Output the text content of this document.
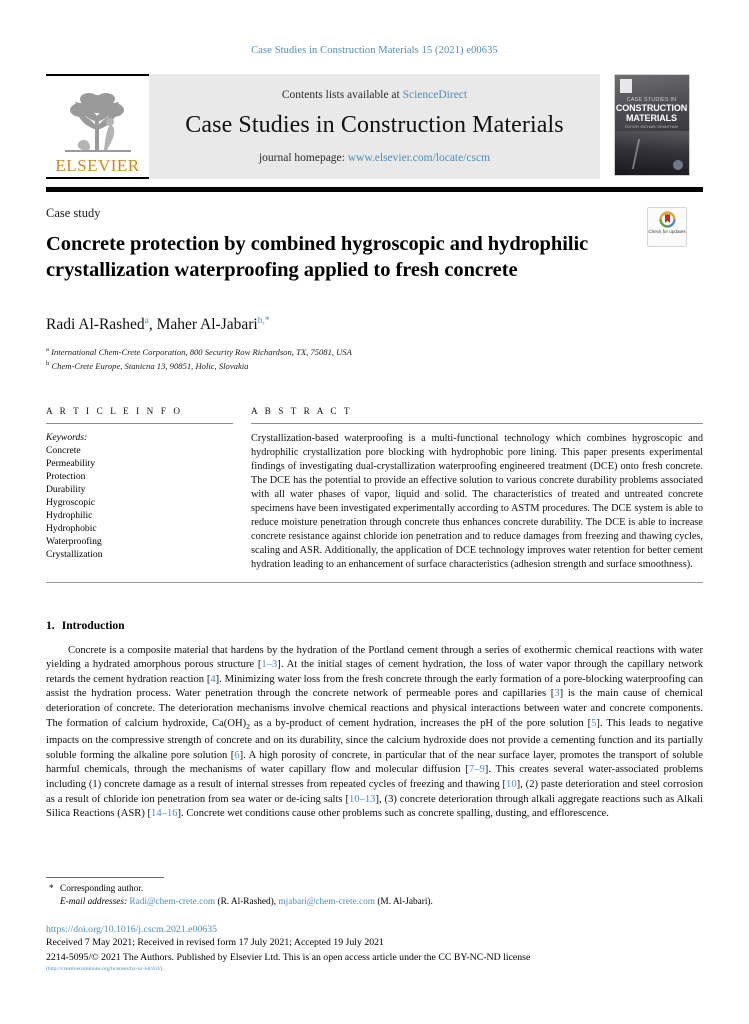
Case Studies in Construction Materials 15 (2021) e00635
ELSEVIER
Contents lists available at ScienceDirect
Case Studies in Construction Materials
journal homepage: www.elsevier.com/locate/cscm
CASE STUDIES IN
CONSTRUCTION MATERIALS
EDITOR: MICHAEL GRANTHAM
Case study
Concrete protection by combined hygroscopic and hydrophilic crystallization waterproofing applied to fresh concrete
Check for updates
Radi Al-Rashed$^a$, Maher Al-Jabari$^{b,*}$
$^a$ International Chem-Crete Corporation, 800 Security Row Richardson, TX, 75081, USA
$^b$ Chem-Crete Europe, Stanicna 13, 90851, Holic, Slovakia
A R T I C L E I N F O
Keywords:
Concrete
Permeability
Protection
Durability
Hygroscopic
Hydrophilic
Hydrophobic
Waterproofing
Crystallization
A B S T R A C T
Crystallization-based waterproofing is a multi-functional technology which combines hygroscopic and hydrophilic crystallization pore blocking with hydrophobic pore lining. This paper presents experimental findings of investigating dual-crystallization waterproofing engineered treatment (DCE) onto fresh concrete. The DCE has the potential to provide an effective solution to various concrete durability problems associated with all water phases of vapor, liquid and solid. The characteristics of treated and untreated concrete specimens have been investigated experimentally according to ASTM procedures. The DCE system is able to reduce moisture penetration through concrete thus enhances concrete durability. The DCE is able to increase concrete resistance against chloride ion penetration and to reduce damages from freezing and thawing cycles, scaling and ASR. Additionally, the application of DCE technology improves water retention for better cement hydration leading to an enhancement of surface characteristics (adhesion strength and surface smoothness).
1. Introduction

Concrete is a composite material that hardens by the hydration of the Portland cement through a series of exothermic chemical reactions with water yielding a hydrated amorphous porous structure [1–3]. At the initial stages of cement hydration, the loss of water vapor through the capillary network retards the cement hydration reaction [4]. Minimizing water loss from the fresh concrete through the early formation of a pore-blocking waterproofing can assist the hydration process. Water penetration through the concrete network of permeable pores and capillaries [3] is the main cause of chemical deterioration of concrete. The deterioration mechanisms involve chemical reactions and physical interactions between water and concrete components. The formation of calcium hydroxide, $Ca(OH)_2$ as a by-product of cement hydration, increases the pH of the pore solution [5]. This leads to negative impacts on the compressive strength of concrete and on its durability, since the calcium hydroxide does not provide a cementing function and its partially soluble forming the alkaline pore solution [6]. A high porosity of concrete, in particular that of the near surface layer, promotes the transport of soluble harmful chemicals, through the mechanisms of water capillary flow and molecular diffusion [7–9]. This creates several water-associated problems including (1) concrete damage as a result of internal stresses from repeated cycles of freezing and thawing [10], (2) paste deterioration and steel corrosion as a result of chloride ion penetration from sea water or de-icing salts [10–13], (3) concrete deterioration through alkali aggregate reactions such as Alkali Silica Reactions (ASR) [14–16]. Concrete wet conditions cause other problems such as concrete spalling, dusting, and efflorescence.

* Corresponding author.
E-mail addresses: Radi@chem-crete.com (R. Al-Rashed), mjabari@chem-crete.com (M. Al-Jabari).
https://doi.org/10.1016/j.cscm.2021.e00635
Received 7 May 2021; Received in revised form 17 July 2021; Accepted 19 July 2021
2214-5095/© 2021 The Authors. Published by Elsevier Ltd. This is an open access article under the CC BY-NC-ND license
(http://creativecommons.org/licenses/by-nc-nd/4.0/).
